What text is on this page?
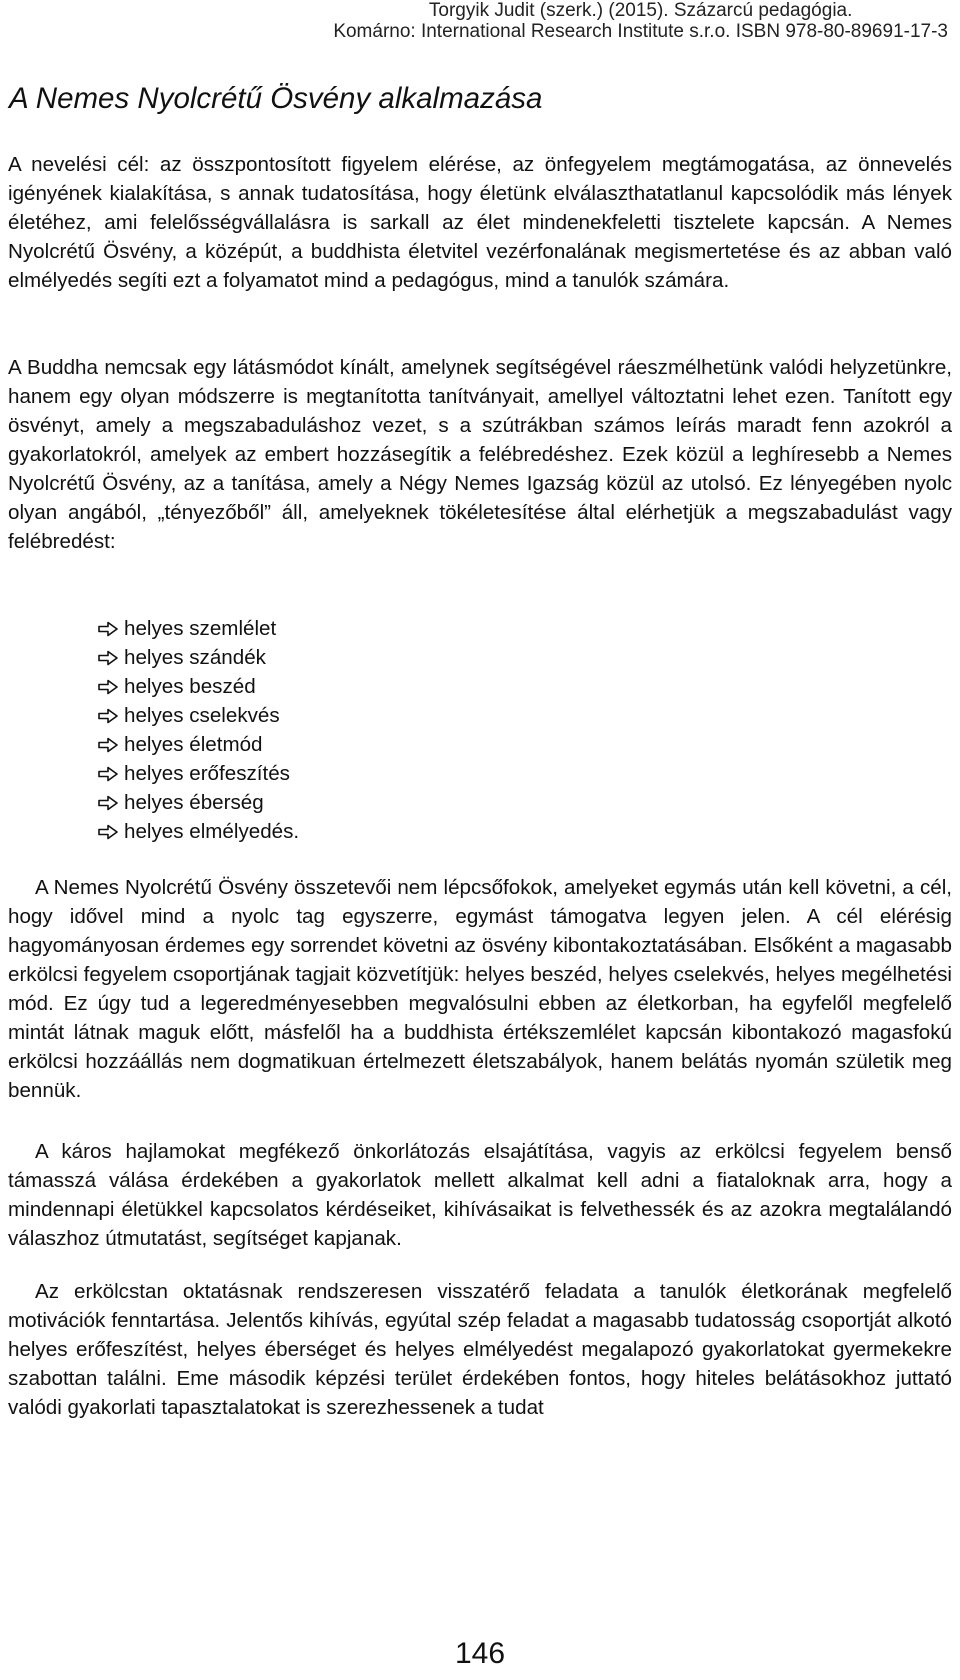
Torgyik Judit (szerk.) (2015). Százarcú pedagógia.
Komárno: International Research Institute s.r.o. ISBN 978-80-89691-17-3
A Nemes Nyolcrétű Ösvény alkalmazása

A nevelési cél: az összpontosított figyelem elérése, az önfegyelem megtámogatása, az önnevelés igényének kialakítása, s annak tudatosítása, hogy életünk elválaszthatatlanul kapcsolódik más lények életéhez, ami felelősségvállalásra is sarkall az élet mindenekfeletti tisztelete kapcsán. A Nemes Nyolcrétű Ösvény, a középút, a buddhista életvitel vezérfonalának megismertetése és az abban való elmélyedés segíti ezt a folyamatot mind a pedagógus, mind a tanulók számára.

A Buddha nemcsak egy látásmódot kínált, amelynek segítségével ráeszmélhetünk valódi helyzetünkre, hanem egy olyan módszerre is megtanította tanítványait, amellyel változtatni lehet ezen. Tanított egy ösvényt, amely a megszabaduláshoz vezet, s a szútrákban számos leírás maradt fenn azokról a gyakorlatokról, amelyek az embert hozzásegítik a felébredéshez. Ezek közül a leghíresebb a Nemes Nyolcrétű Ösvény, az a tanítása, amely a Négy Nemes Igazság közül az utolsó. Ez lényegében nyolc olyan angából, „tényezőből” áll, amelyeknek tökéletesítése által elérhetjük a megszabadulást vagy felébredést:

helyes szemlélet
helyes szándék
helyes beszéd
helyes cselekvés
helyes életmód
helyes erőfeszítés
helyes éberség
helyes elmélyedés.

A Nemes Nyolcrétű Ösvény összetevői nem lépcsőfokok, amelyeket egymás után kell követni, a cél, hogy idővel mind a nyolc tag egyszerre, egymást támogatva legyen jelen. A cél elérésig hagyományosan érdemes egy sorrendet követni az ösvény kibontakoztatásában. Elsőként a magasabb erkölcsi fegyelem csoportjának tagjait közvetítjük: helyes beszéd, helyes cselekvés, helyes megélhetési mód. Ez úgy tud a legeredményesebben megvalósulni ebben az életkorban, ha egyfelől megfelelő mintát látnak maguk előtt, másfelől ha a buddhista értékszemlélet kapcsán kibontakozó magasfokú erkölcsi hozzáállás nem dogmatikuan értelmezett életszabályok, hanem belátás nyomán születik meg bennük.

A káros hajlamokat megfékező önkorlátozás elsajátítása, vagyis az erkölcsi fegyelem benső támasszá válása érdekében a gyakorlatok mellett alkalmat kell adni a fiataloknak arra, hogy a mindennapi életükkel kapcsolatos kérdéseiket, kihívásaikat is felvethessék és az azokra megtalálandó válaszhoz útmutatást, segítséget kapjanak.

Az erkölcstan oktatásnak rendszeresen visszatérő feladata a tanulók életkorának megfelelő motivációk fenntartása. Jelentős kihívás, egyútal szép feladat a magasabb tudatosság csoportját alkotó helyes erőfeszítést, helyes éberséget és helyes elmélyedést megalapozó gyakorlatokat gyermekekre szabottan találni. Eme második képzési terület érdekében fontos, hogy hiteles belátásokhoz juttató valódi gyakorlati tapasztalatokat is szerezhessenek a tudat

146
